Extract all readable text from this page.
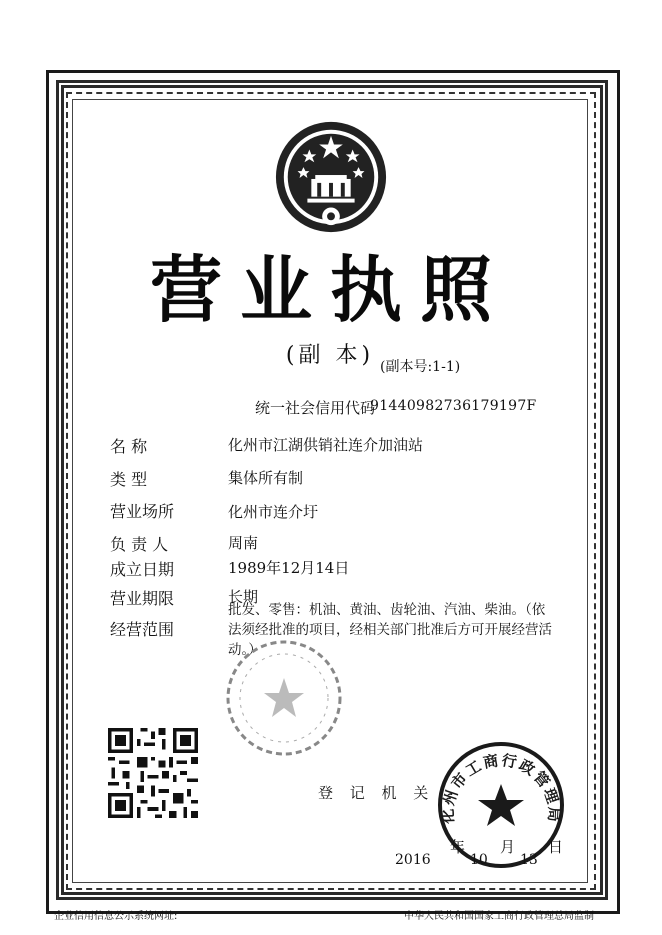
营业执照
(副 本) (副本号:1-1)
统一社会信用代码
91440982736179197F
名 称	化州市江湖供销社连介加油站
类 型	集体所有制
营业场所	化州市连介圩
负 责 人	周南
成立日期	1989年12月14日
营业期限	长期
经营范围
批发、零售：机油、黄油、齿轮油、汽油、柴油。（依法须经批准的项目，经相关部门批准后方可开展经营活动。）
登 记 机 关
化州市工商行政管理局
年 月 日
2016	10 13
企业信用信息公示系统网址:	中华人民共和国国家工商行政管理总局监制
